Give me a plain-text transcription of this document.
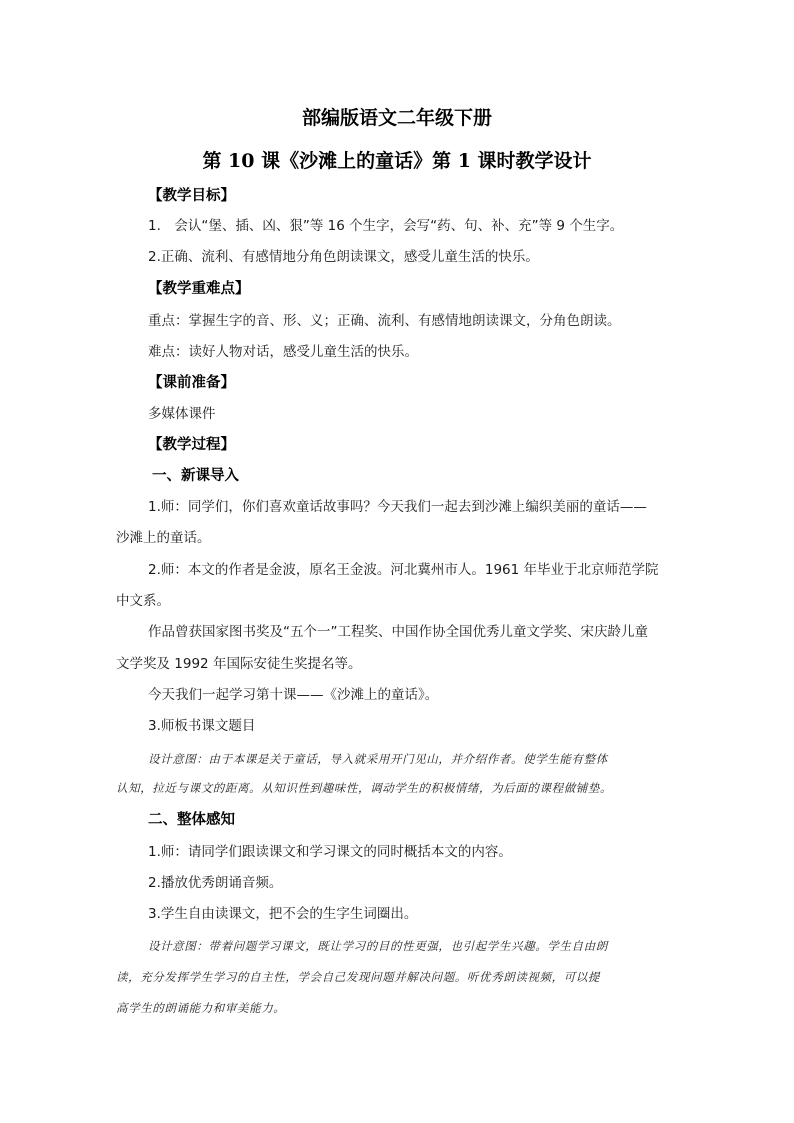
部编版语文二年级下册
第 10 课《沙滩上的童话》第 1 课时教学设计
【教学目标】
1.　会认“堡、插、凶、狠”等 16 个生字，会写“药、句、补、充”等 9 个生字。
2.正确、流利、有感情地分角色朗读课文，感受儿童生活的快乐。
【教学重难点】
重点：掌握生字的音、形、义；正确、流利、有感情地朗读课文，分角色朗读。
难点：读好人物对话，感受儿童生活的快乐。
【课前准备】
多媒体课件
【教学过程】
一、新课导入
1.师：同学们，你们喜欢童话故事吗？今天我们一起去到沙滩上编织美丽的童话——
沙滩上的童话。
2.师：本文的作者是金波，原名王金波。河北冀州市人。1961 年毕业于北京师范学院
中文系。
作品曾获国家图书奖及“五个一”工程奖、中国作协全国优秀儿童文学奖、宋庆龄儿童
文学奖及 1992 年国际安徒生奖提名等。
今天我们一起学习第十课——《沙滩上的童话》。
3.师板书课文题目
设计意图：由于本课是关于童话，导入就采用开门见山，并介绍作者。使学生能有整体
认知，拉近与课文的距离。从知识性到趣味性，调动学生的积极情绪，为后面的课程做铺垫。
二、整体感知
1.师：请同学们跟读课文和学习课文的同时概括本文的内容。
2.播放优秀朗诵音频。
3.学生自由读课文，把不会的生字生词圈出。
设计意图：带着问题学习课文，既让学习的目的性更强，也引起学生兴趣。学生自由朗
读，充分发挥学生学习的自主性，学会自己发现问题并解决问题。听优秀朗读视频，可以提
高学生的朗诵能力和审美能力。
